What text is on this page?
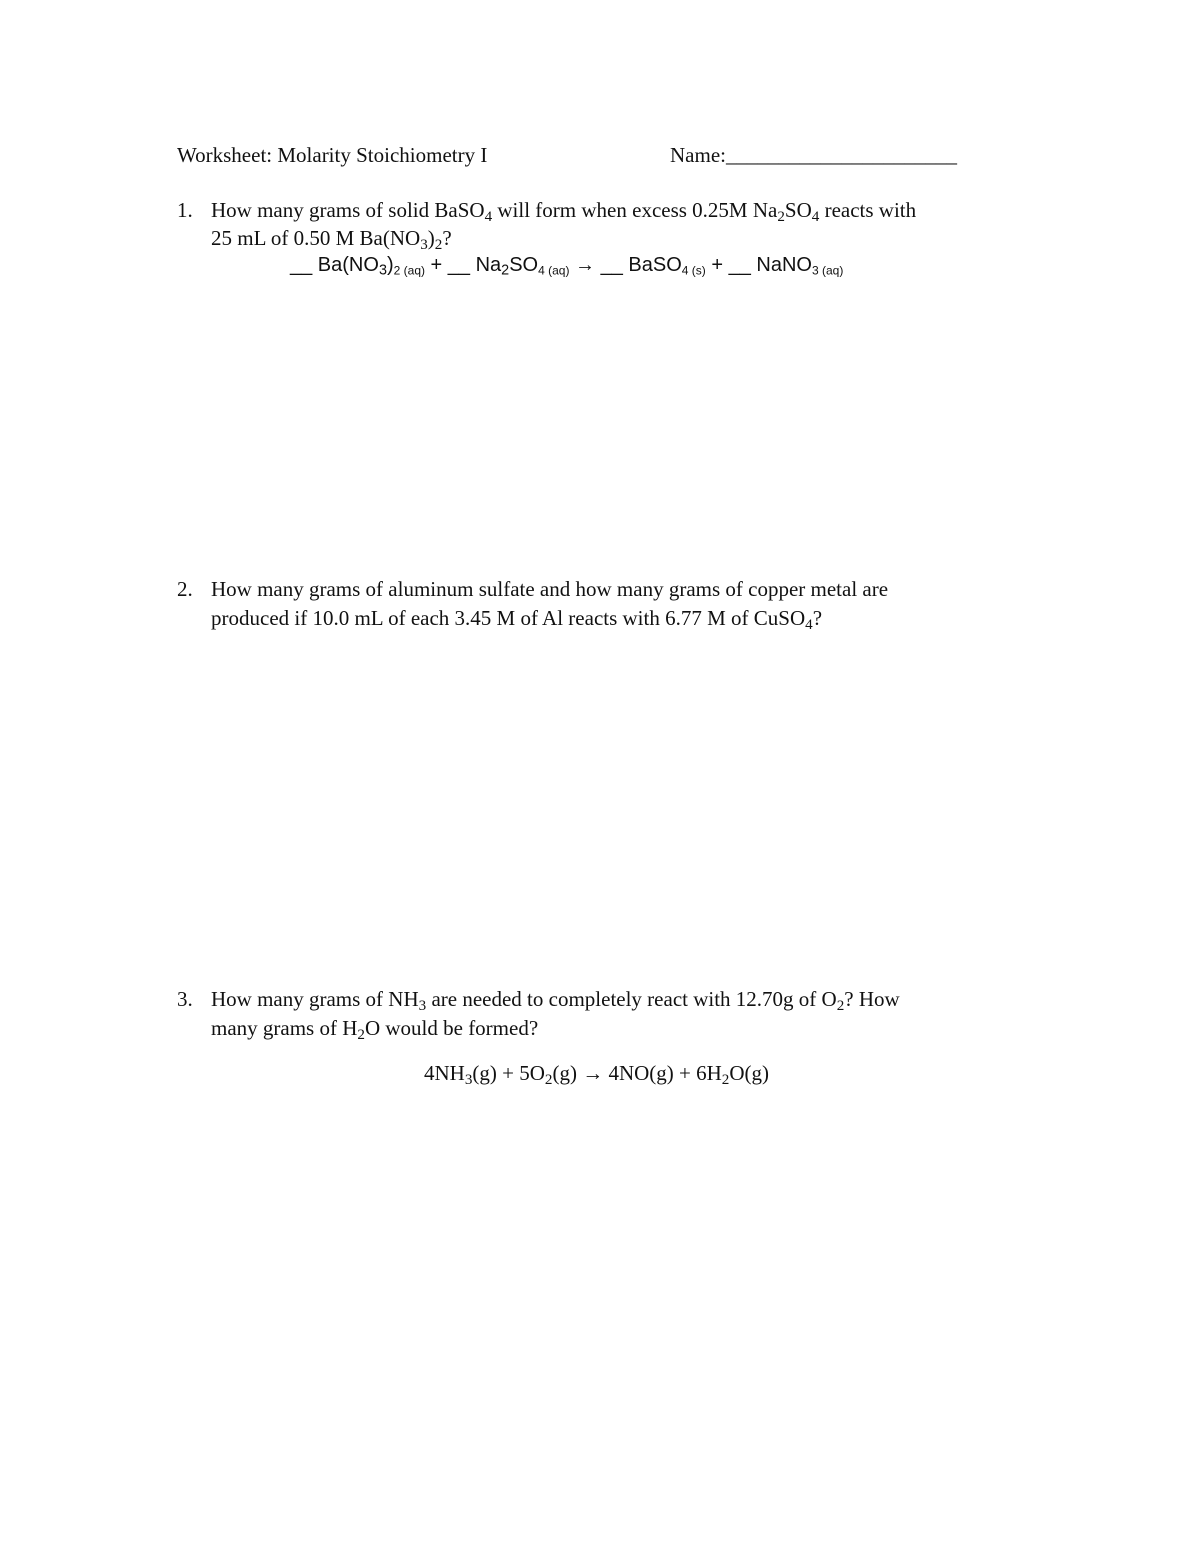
Worksheet: Molarity Stoichiometry I	Name:______________________
1. How many grams of solid BaSO$_4$ will form when excess 0.25M $Na_2SO_4$ reacts with
25 mL of 0.50 M $Ba(NO_3)_2$?
__ $Ba(NO_3)2$ (aq) + __ $Na_2SO4$ (aq) → __ BaSO4 (s) + __ NaNO3 (aq)
2. How many grams of aluminum sulfate and how many grams of copper metal are
produced if 10.0 mL of each 3.45 M of Al reacts with 6.77 M of CuSO$_4$?
3. How many grams of $NH_3$ are needed to completely react with 12.70g of $O_2$? How
many grams of $H_2O$ would be formed?
$4NH_3(g) + 5O_2(g) \to 4NO(g) + 6H_2O(g)$
